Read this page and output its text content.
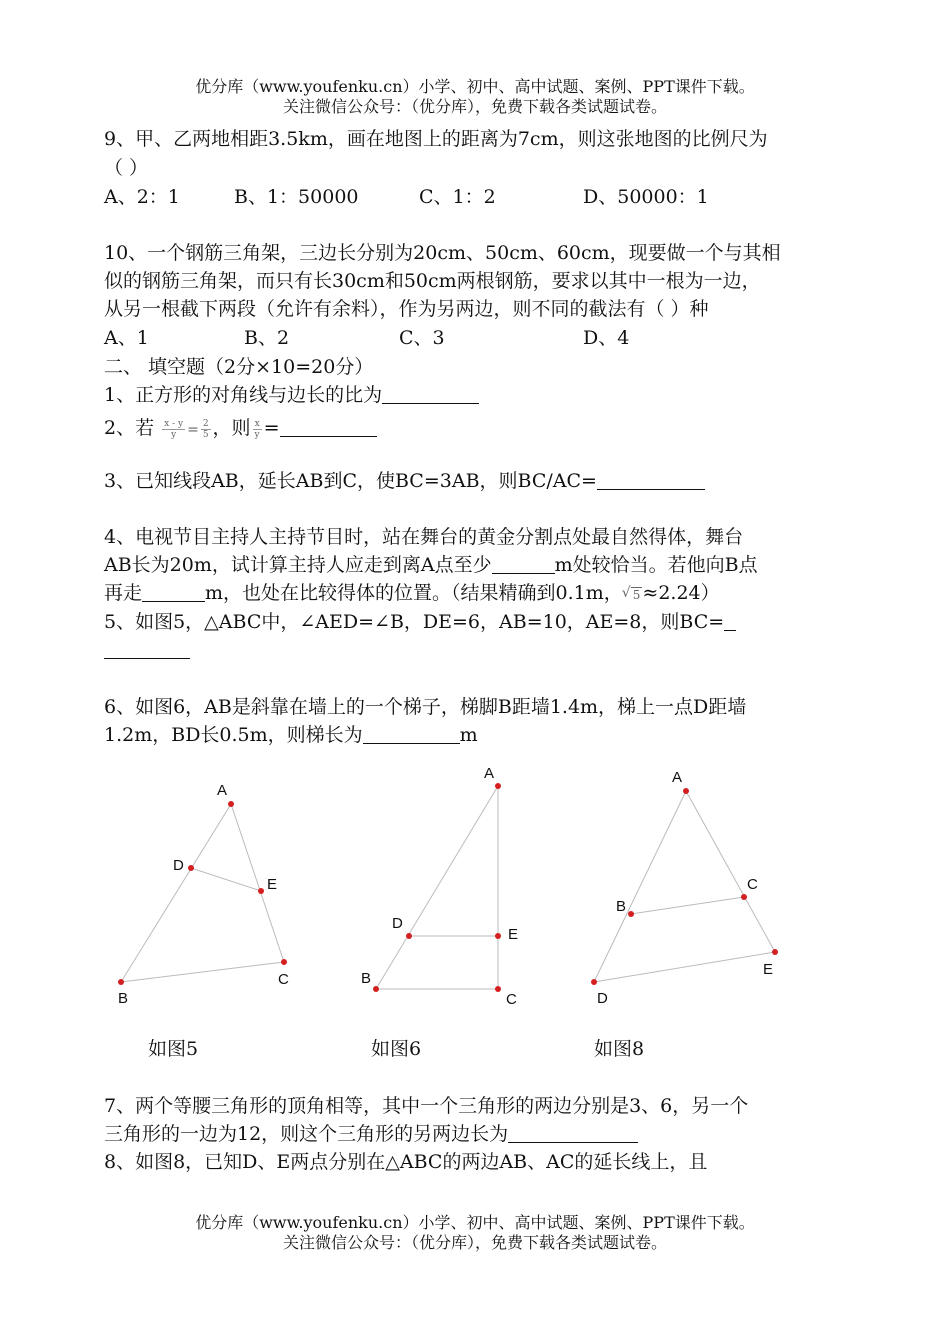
优分库（www.youfenku.cn）小学、初中、高中试题、案例、PPT课件下载。
关注微信公众号：（优分库），免费下载各类试题试卷。
9、甲、乙两地相距3.5km，画在地图上的距离为7cm，则这张地图的比例尺为
（ ）
A、2：1	B、1：50000	C、1：2	D、50000：1
10、一个钢筋三角架，三边长分别为20cm、50cm、60cm，现要做一个与其相
似的钢筋三角架，而只有长30cm和50cm两根钢筋，要求以其中一根为一边，
从另一根截下两段（允许有余料），作为另两边，则不同的截法有（ ）种
A、1	B、2	C、3	D、4
二、 填空题（2分×10=20分）
1、正方形的对角线与边长的比为
2、若 $\frac{x - y}{y} = \frac{2}{5}$ ，则 $\frac{x}{y}$ =
3、已知线段AB，延长AB到C，使BC=3AB，则BC/AC=
4、电视节目主持人主持节目时，站在舞台的黄金分割点处最自然得体，舞台
AB长为20m，试计算主持人应走到离A点至少	m处较恰当。若他向B点
再走	m，也处在比较得体的位置。（结果精确到0.1m，√ 5 ≈2.24）
5、如图5，△ABC中，∠AED=∠B，DE=6，AB=10，AE=8，则BC=
6、如图6，AB是斜靠在墙上的一个梯子，梯脚B距墙1.4m，梯上一点D距墙
1.2m，BD长0.5m，则梯长为	m
A
D
E
B
C
A
D
E
B
C
A
B
C
D
E
如图5	如图6	如图8
7、两个等腰三角形的顶角相等，其中一个三角形的两边分别是3、6，另一个
三角形的一边为12，则这个三角形的另两边长为
8、如图8，已知D、E两点分别在△ABC的两边AB、AC的延长线上，且
优分库（www.youfenku.cn）小学、初中、高中试题、案例、PPT课件下载。
关注微信公众号：（优分库），免费下载各类试题试卷。
